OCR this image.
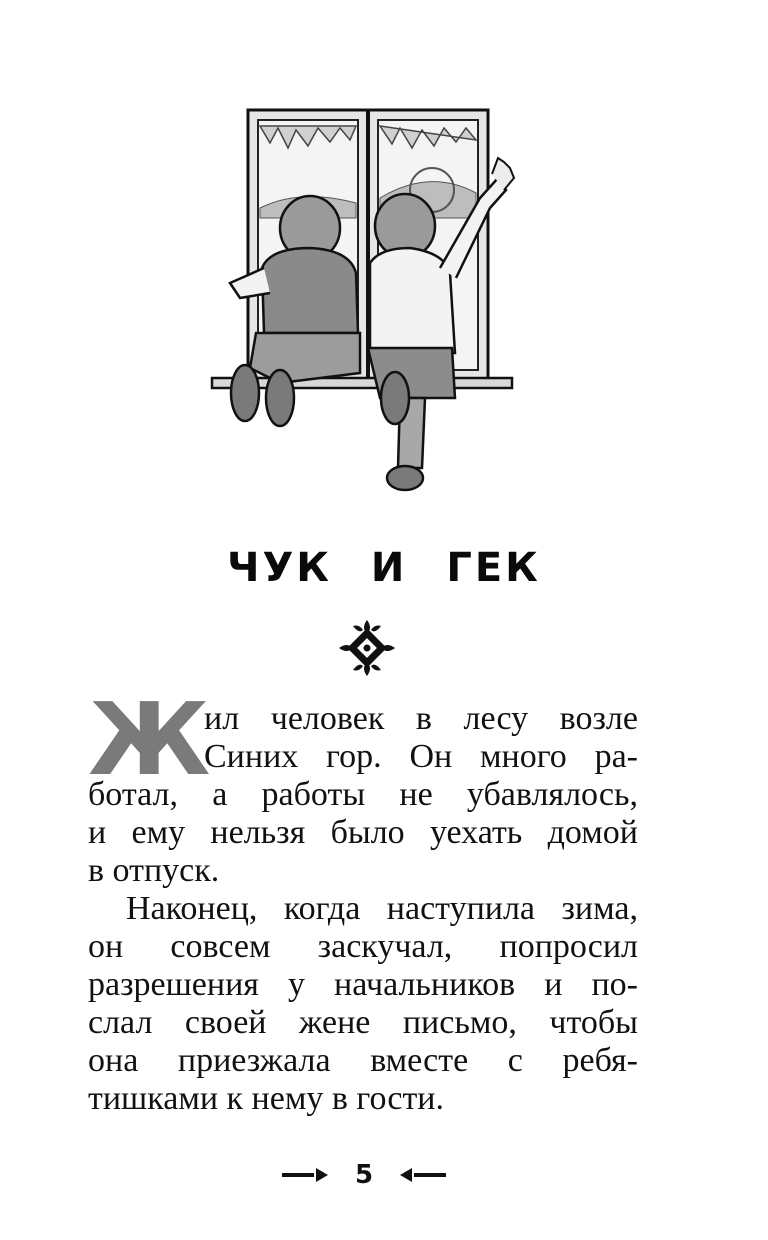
ЧУК И ГЕК
Ж
ил человек в лесу возле
Синих гор. Он много ра-
ботал, а работы не убавлялось,
и ему нельзя было уехать домой
в отпуск.
Наконец, когда наступила зима,
он совсем заскучал, попросил
разрешения у начальников и по-
слал своей жене письмо, чтобы
она приезжала вместе с ребя-
тишками к нему в гости.
5
